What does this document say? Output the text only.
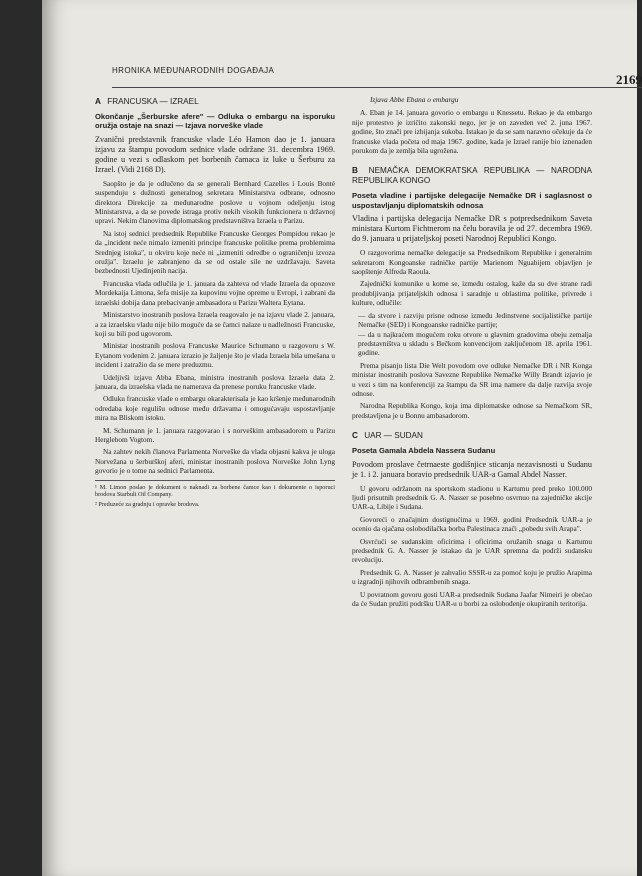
HRONIKA MEĐUNARODNIH DOGAĐAJA
2169
A FRANCUSKA — IZRAEL
Okončanje „Šerburske afere" — Odluka o embargu na isporuku oružja ostaje na snazi — Izjava norveške vlade
Zvanični predstavnik francuske vlade Léo Hamon dao je 1. januara izjavu za štampu povodom sednice vlade održane 31. decembra 1969. godine u vezi s odlaskom pet borbenih čamaca iz luke u Šerburu za Izrael. (Vidi 2168 D).

Saopšto je da je odlučeno da se generali Bernhard Cazelles i Louis Bonté suspenduju s dužnosti generalnog sekretara Ministarstva odbrane, odnosno direktora Direkcije za međunarodne poslove u vojnom odeljenju istog Ministarstva, a da se povede istraga protiv nekih visokih funkcionera u državnoj upravi. Nekim članovima diplomatskog predstavništva Izraela u Parizu.

Na istoj sednici predsednik Republike Francuske Georges Pompidou rekao je da „incident neće nimalo izmeniti principe francuske politike prema problemima Srednjeg istoka", u okviru koje neće ni „izmeniti odredbe o ograničenju izvoza oružja". Izraelu je zabranjeno da se od ostale sile ne uzdržavaju. Saveta bezbednosti Ujedinjenih nacija.

Francuska vlada odlučila je 1. januara da zahteva od vlade Izraela da opozove Mordekaija Limona, šefa misije za kupovinu vojne opreme u Evropi, i zabrani da izraelski dobija dana prebacivanje ambasadora u Parizu Waltera Eytana.

Ministarstvo inostranih poslova Izraela reagovalo je na izjavu vlade 2. januara, a za izraelsku vladu nije bilo moguće da se čamci nalaze u nadležnosti Francuske, koji su bili pod ugovorom.

Ministar inostranih poslova Francuske Maurice Schumann u razgovoru s W. Eytanom vođenim 2. januara izrazio je žaljenje što je vlada Izraela bila umešana u incident i zatražio da se mere preduzmu.

Udeljivši izjavu Abba Ebana, ministra inostranih poslova Izraela data 2. januara, da izraelska vlada ne namerava da prenese poruku francuske vlade.

Odluku francuske vlade o embargu okarakterisala je kao kršenje međunarodnih odredaba koje regulišu odnose među državama i omogućavaju uspostavljanje mira na Bliskom istoku.

M. Schumann je 1. januara razgovarao i s norveškim ambasadorom u Parizu Herglebom Vogtom.

Na zahtev nekih članova Parlamenta Norveške da vlada objasni kakva je uloga Norvežana u šerburškoj aferi, ministar inostranih poslova Norveške John Lyng govorio je o tome na sednici Parlamenta.

¹ M. Limon poslao je dokument o naknadi za borbene čamce kao i dokumente o isporuci brodova Starbult Oil Company.
² Preduzeće za gradnju i opravke brodova.

Izjava Abbe Ebana o embargu

A. Eban je 14. januara govorio o embargu u Knessetu. Rekao je da embargo nije protestvo je izričito zakonski nego, jer je on zaveden već 2. juna 1967. godine, što znači pre izbijanja sukoba. Istakao je da se sam naravno očekuje da će francuske vlada početa od maja 1967. godine, kada je Izrael ranije bio iznenađen porukom da je zemlja bila ugrožena.

B NEMAČKA DEMOKRATSKA REPUBLIKA — NARODNA REPUBLIKA KONGO
Poseta vladine i partijske delegacije Nemačke DR i saglasnost o uspostavljanju diplomatskih odnosa
Vladina i partijska delegacija Nemačke DR s potpredsednikom Saveta ministara Kurtom Fichtnerom na čelu boravila je od 27. decembra 1969. do 9. januara u prijateljskoj poseti Narodnoj Republici Kongo.

O razgovorima nemačke delegacije sa Predsednikom Republike i generalnim sekretarom Kongoanske radničke partije Marienom Nguabijem objavljen je saopštenje Alfreda Raoula.

Zajednički komunike u kome se, između ostalog, kaže da su dve strane radi produbljivanja prijateljskih odnosa i saradnje u oblastima politike, privrede i kulture, odlučile:

— da stvore i razviju prisne odnose između Jedinstvene socijalističke partije Nemačke (SED) i Kongoanske radničke partije;
— da u najkraćem mogućem roku otvore u glavnim gradovima obeju zemalja predstavništva u skladu s Bečkom konvencijom zaključenom 18. aprila 1961. godine.

Prema pisanju lista Die Welt povodom ove odluke Nemačke DR i NR Konga ministar inostranih poslova Savezne Republike Nemačke Willy Brandt izjavio je u vezi s tim na konferenciji za štampu da SR ima namere da dalje razvija svoje odnose.

Narodna Republika Kongo, koja ima diplomatske odnose sa Nemačkom SR, predstavljena je u Bonnu ambasadorom.

C UAR — SUDAN
Poseta Gamala Abdela Nassera Sudanu
Povodom proslave četrnaeste godišnjice sticanja nezavisnosti u Sudanu je 1. i 2. januara boravio predsednik UAR-a Gamal Abdel Nasser.

U govoru održanom na sportskom stadionu u Kartumu pred preko 100.000 ljudi prisutnih predsednik G. A. Nasser se posebno osvrnuo na zajedničke akcije UAR-a, Libije i Sudana.

Govoreći o značajnim dostignućima u 1969. godini Predsednik UAR-a je ocenio da ojačana oslobodilačka borba Palestinaca znači „pobedu svih Arapa".

Osvrćući se sudanskim oficirima i oficirima oružanih snaga u Kartumu predsednik G. A. Nasser je istakao da je UAR spremna da podrži sudansku revoluciju.

Predsednik G. A. Nasser je zahvalio SSSR-u za pomoć koju je pružio Arapima u izgradnji njihovih odbrambenih snaga.

U povratnom govoru gosti UAR-a predsednik Sudana Jaafar Nimeiri je obećao da će Sudan pružiti podršku UAR-u u borbi za oslobođenje okupiranih teritorija.
